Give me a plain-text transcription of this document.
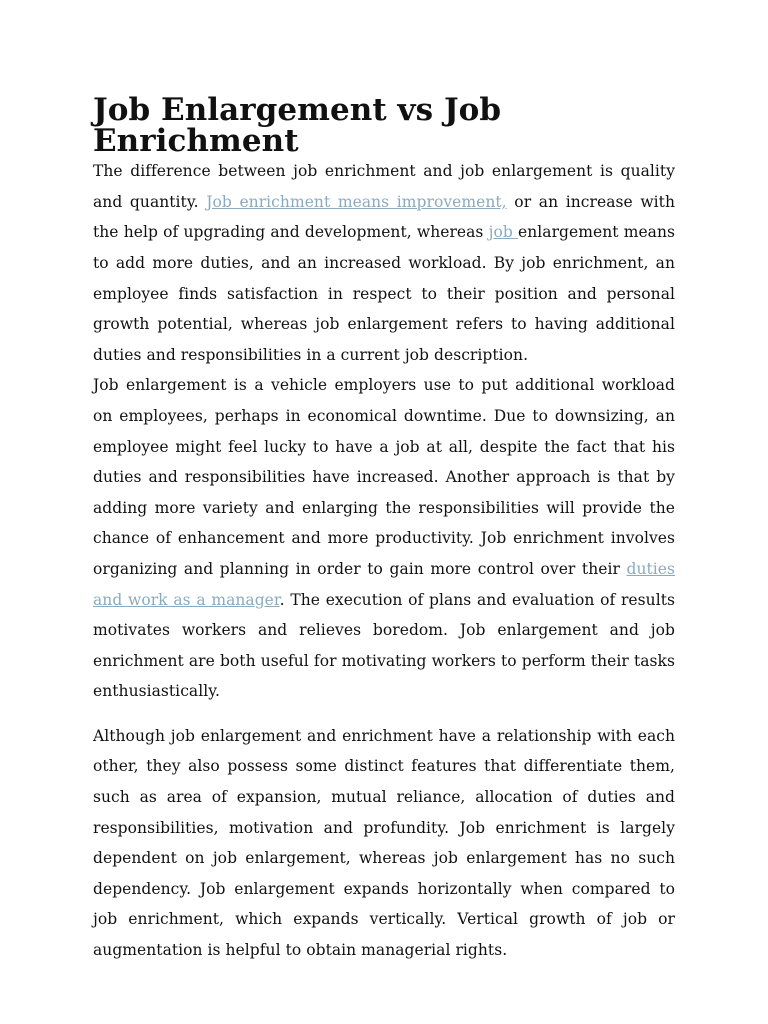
Job Enlargement vs Job Enrichment

The difference between job enrichment and job enlargement is quality and quantity. Job enrichment means improvement, or an increase with the help of upgrading and development, whereas job enlargement means to add more duties, and an increased workload. By job enrichment, an employee finds satisfaction in respect to their position and personal growth potential, whereas job enlargement refers to having additional duties and responsibilities in a current job description.

Job enlargement is a vehicle employers use to put additional workload on employees, perhaps in economical downtime. Due to downsizing, an employee might feel lucky to have a job at all, despite the fact that his duties and responsibilities have increased. Another approach is that by adding more variety and enlarging the responsibilities will provide the chance of enhancement and more productivity. Job enrichment involves organizing and planning in order to gain more control over their duties and work as a manager. The execution of plans and evaluation of results motivates workers and relieves boredom. Job enlargement and job enrichment are both useful for motivating workers to perform their tasks enthusiastically.

Although job enlargement and enrichment have a relationship with each other, they also possess some distinct features that differentiate them, such as area of expansion, mutual reliance, allocation of duties and responsibilities, motivation and profundity. Job enrichment is largely dependent on job enlargement, whereas job enlargement has no such dependency. Job enlargement expands horizontally when compared to job enrichment, which expands vertically. Vertical growth of job or augmentation is helpful to obtain managerial rights.
